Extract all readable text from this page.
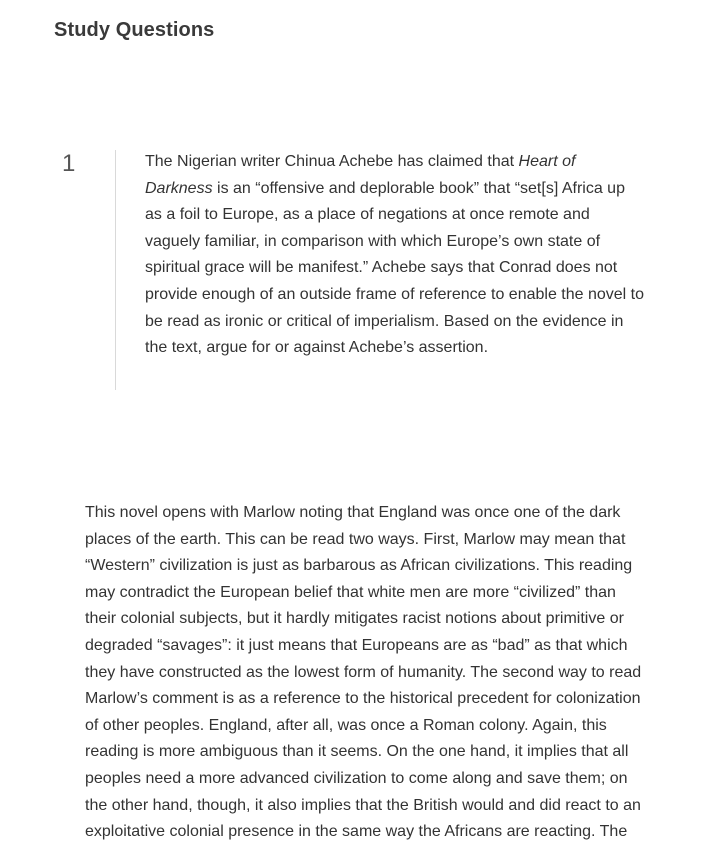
Study Questions
1	The Nigerian writer Chinua Achebe has claimed that Heart of Darkness is an “offensive and deplorable book” that “set[s] Africa up as a foil to Europe, as a place of negations at once remote and vaguely familiar, in comparison with which Europe’s own state of spiritual grace will be manifest.” Achebe says that Conrad does not provide enough of an outside frame of reference to enable the novel to be read as ironic or critical of imperialism. Based on the evidence in the text, argue for or against Achebe’s assertion.

This novel opens with Marlow noting that England was once one of the dark places of the earth. This can be read two ways. First, Marlow may mean that “Western” civilization is just as barbarous as African civilizations. This reading may contradict the European belief that white men are more “civilized” than their colonial subjects, but it hardly mitigates racist notions about primitive or degraded “savages”: it just means that Europeans are as “bad” as that which they have constructed as the lowest form of humanity. The second way to read Marlow’s comment is as a reference to the historical precedent for colonization of other peoples. England, after all, was once a Roman colony. Again, this reading is more ambiguous than it seems. On the one hand, it implies that all peoples need a more advanced civilization to come along and save them; on the other hand, though, it also implies that the British would and did react to an exploitative colonial presence in the same way the Africans are reacting. The
